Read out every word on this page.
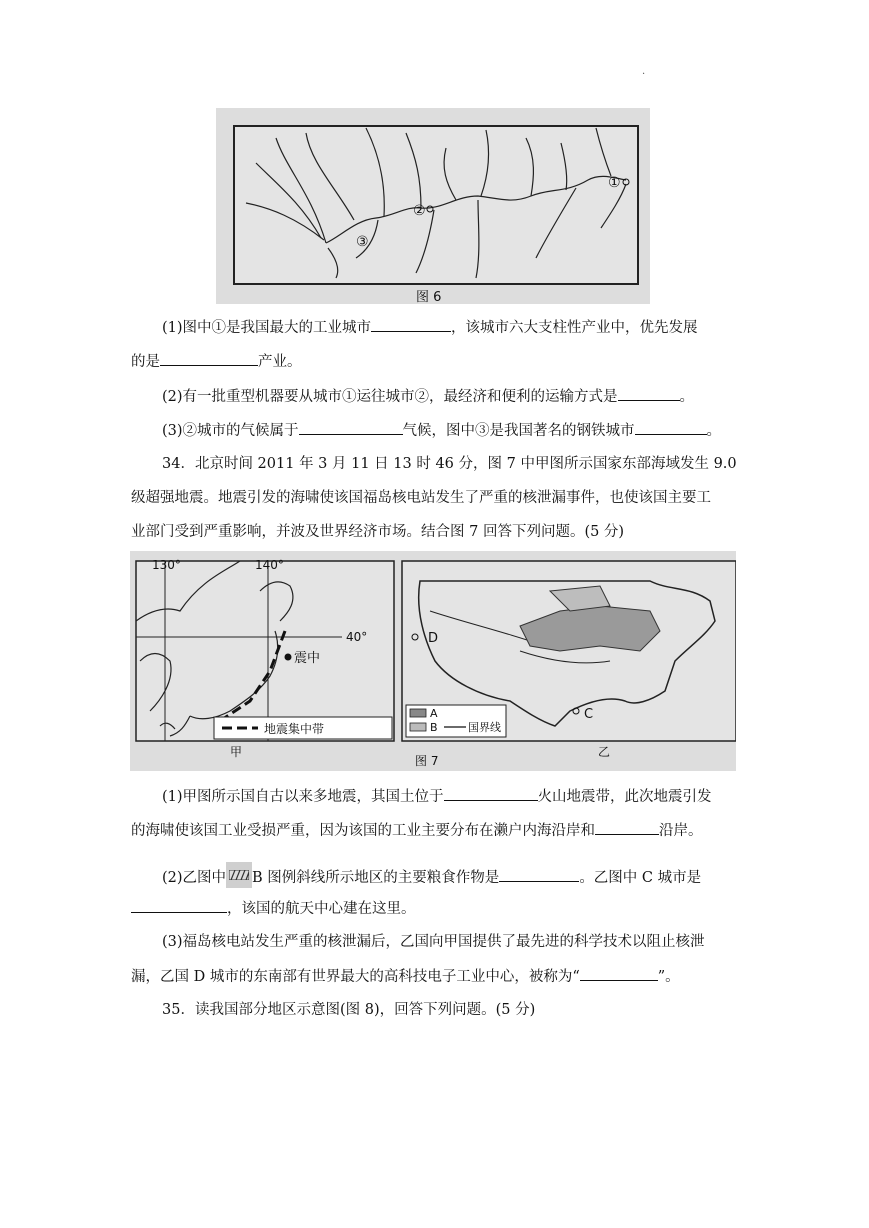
.
①
②
③
图 6
(1)图中①是我国最大的工业城市	，该城市六大支柱性产业中，优先发展
的是	产业。
(2)有一批重型机器要从城市①运往城市②，最经济和便利的运输方式是	。
(3)②城市的气候属于	气候，图中③是我国著名的钢铁城市	。
34．北京时间 2011 年 3 月 11 日 13 时 46 分，图 7 中甲图所示国家东部海域发生 9.0
级超强地震。地震引发的海啸使该国福岛核电站发生了严重的核泄漏事件，也使该国主要工
业部门受到严重影响，并波及世界经济市场。结合图 7 回答下列问题。(5 分)
130°	140°
40°
震中
地震集中带
甲
D
C
A
B	国界线
乙
图 7
(1)甲图所示国自古以来多地震，其国土位于	火山地震带，此次地震引发
的海啸使该国工业受损严重，因为该国的工业主要分布在濑户内海沿岸和	沿岸。
(2)乙图中 B 图例斜线所示地区的主要粮食作物是	。乙图中 C 城市是
，该国的航天中心建在这里。
(3)福岛核电站发生严重的核泄漏后，乙国向甲国提供了最先进的科学技术以阻止核泄
漏，乙国 D 城市的东南部有世界最大的高科技电子工业中心，被称为“	”。
35．读我国部分地区示意图(图 8)，回答下列问题。(5 分)
